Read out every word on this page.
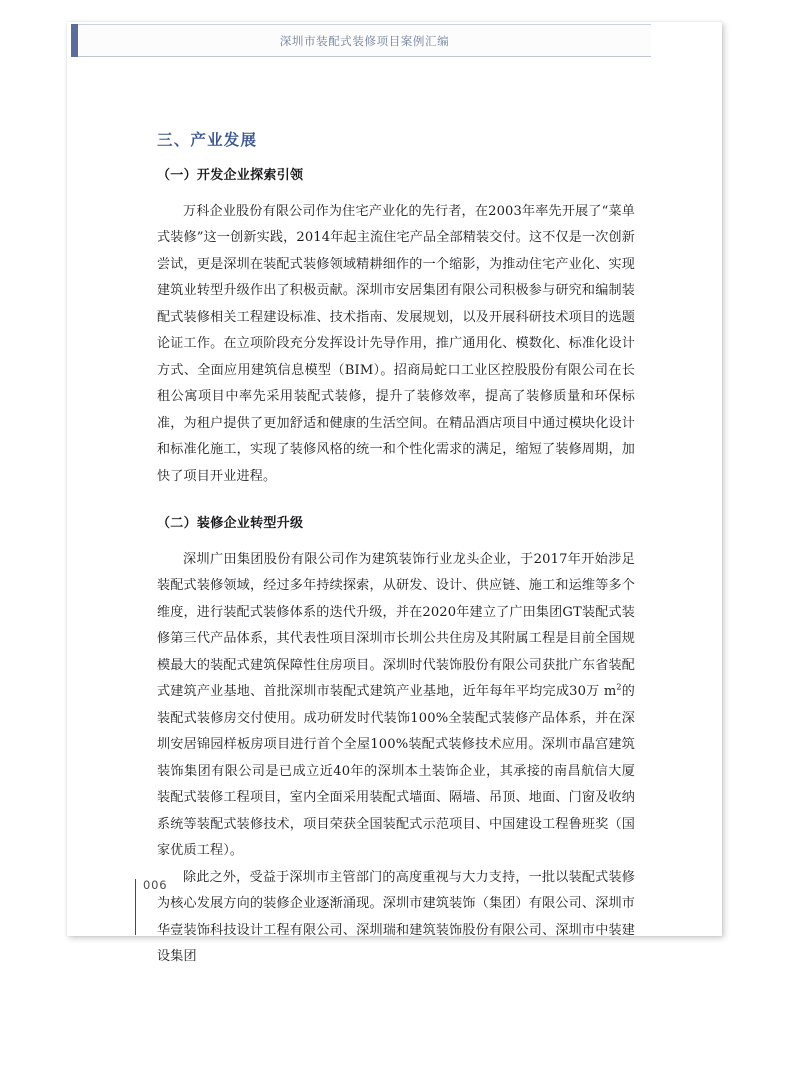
深圳市装配式装修项目案例汇编
三、产业发展
（一）开发企业探索引领

万科企业股份有限公司作为住宅产业化的先行者，在2003年率先开展了“菜单式装修”这一创新实践，2014年起主流住宅产品全部精装交付。这不仅是一次创新尝试，更是深圳在装配式装修领域精耕细作的一个缩影，为推动住宅产业化、实现建筑业转型升级作出了积极贡献。深圳市安居集团有限公司积极参与研究和编制装配式装修相关工程建设标准、技术指南、发展规划，以及开展科研技术项目的选题论证工作。在立项阶段充分发挥设计先导作用，推广通用化、模数化、标准化设计方式、全面应用建筑信息模型（BIM）。招商局蛇口工业区控股股份有限公司在长租公寓项目中率先采用装配式装修，提升了装修效率，提高了装修质量和环保标准，为租户提供了更加舒适和健康的生活空间。在精品酒店项目中通过模块化设计和标准化施工，实现了装修风格的统一和个性化需求的满足，缩短了装修周期，加快了项目开业进程。

（二）装修企业转型升级

深圳广田集团股份有限公司作为建筑装饰行业龙头企业，于2017年开始涉足装配式装修领域，经过多年持续探索，从研发、设计、供应链、施工和运维等多个维度，进行装配式装修体系的迭代升级，并在2020年建立了广田集团GT装配式装修第三代产品体系，其代表性项目深圳市长圳公共住房及其附属工程是目前全国规模最大的装配式建筑保障性住房项目。深圳时代装饰股份有限公司获批广东省装配式建筑产业基地、首批深圳市装配式建筑产业基地，近年每年平均完成30万 $m^2$的装配式装修房交付使用。成功研发时代装饰100%全装配式装修产品体系，并在深圳安居锦园样板房项目进行首个全屋100%装配式装修技术应用。深圳市晶宫建筑装饰集团有限公司是已成立近40年的深圳本土装饰企业，其承接的南昌航信大厦装配式装修工程项目，室内全面采用装配式墙面、隔墙、吊顶、地面、门窗及收纳系统等装配式装修技术，项目荣获全国装配式示范项目、中国建设工程鲁班奖（国家优质工程）。

除此之外，受益于深圳市主管部门的高度重视与大力支持，一批以装配式装修为核心发展方向的装修企业逐渐涌现。深圳市建筑装饰（集团）有限公司、深圳市华壹装饰科技设计工程有限公司、深圳瑞和建筑装饰股份有限公司、深圳市中装建设集团

006
